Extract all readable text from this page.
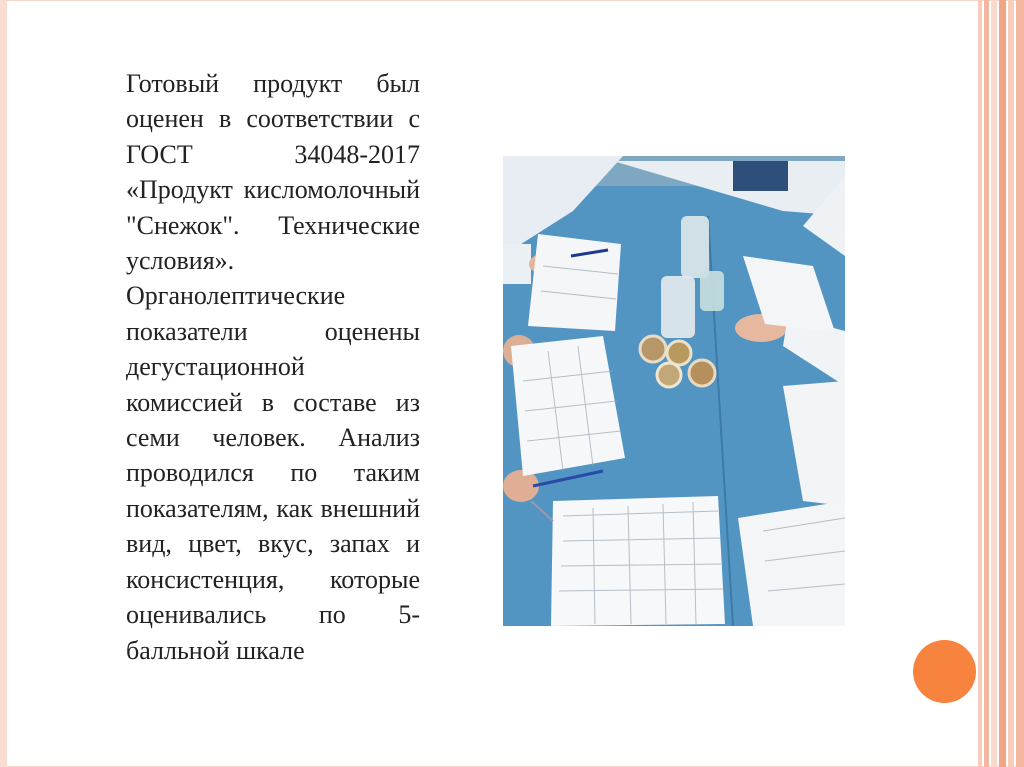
Готовый продукт был оценен в соответствии с ГОСТ 34048-2017 «Продукт кисломолочный "Снежок". Технические условия». Органолептические показатели оценены дегустационной комиссией в составе из семи человек. Анализ проводился по таким показателям, как внешний вид, цвет, вкус, запах и консистенция, которые оценивались по 5-балльной шкале
